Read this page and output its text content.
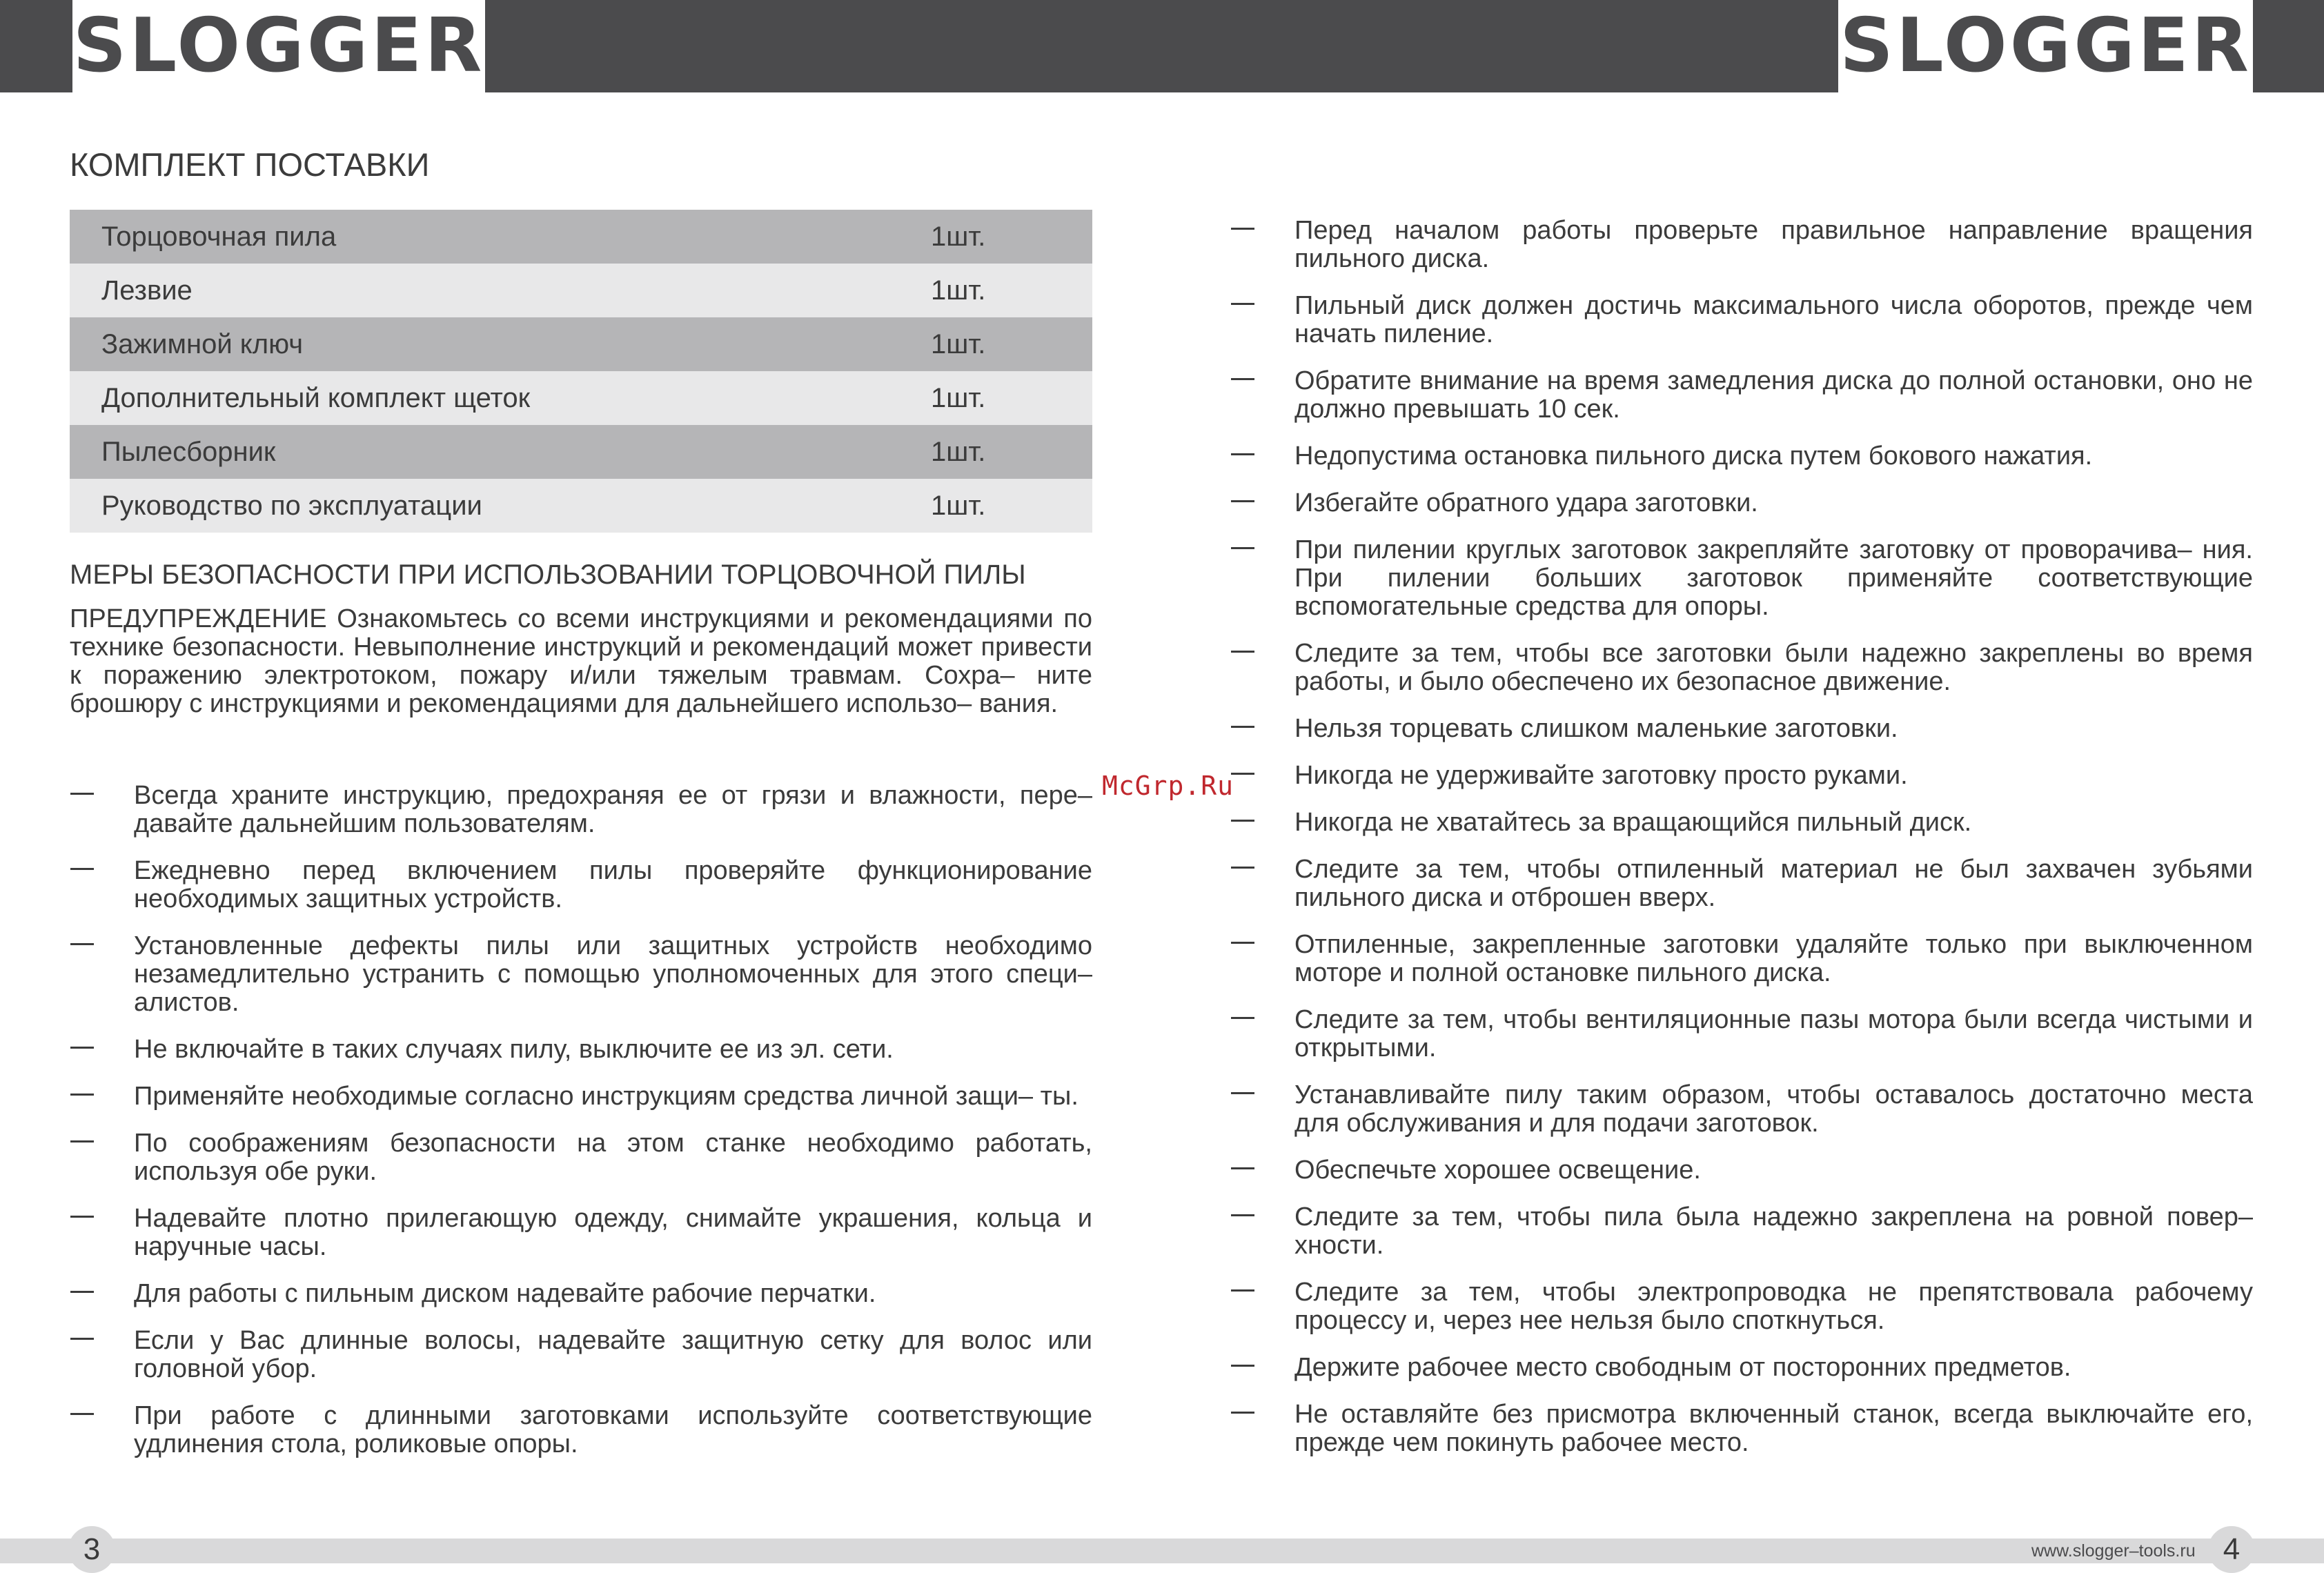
SLOGGER	SLOGGER
КОМПЛЕКТ ПОСТАВКИ
Торцовочная пила	1шт.
Лезвие	1шт.
Зажимной ключ	1шт.
Дополнительный комплект щеток	1шт.
Пылесборник	1шт.
Руководство по эксплуатации	1шт.
МЕРЫ БЕЗОПАСНОСТИ ПРИ ИСПОЛЬЗОВАНИИ ТОРЦОВОЧНОЙ ПИЛЫ

ПРЕДУПРЕЖДЕНИЕ Ознакомьтесь со всеми инструкциями и рекомендациями по технике безопасности. Невыполнение инструкций и рекомендаций может привести к поражению электротоком, пожару и/или тяжелым травмам. Сохра– ните брошюру с инструкциями и рекомендациями для дальнейшего использо– вания.

Всегда храните инструкцию, предохраняя ее от грязи и влажности, пере– давайте дальнейшим пользователям.
Ежедневно перед включением пилы проверяйте функционирование необходимых защитных устройств.
Установленные дефекты пилы или защитных устройств необходимо незамедлительно устранить с помощью уполномоченных для этого специ– алистов.
Не включайте в таких случаях пилу, выключите ее из эл. сети.
Применяйте необходимые согласно инструкциям средства личной защи– ты.
По соображениям безопасности на этом станке необходимо работать, используя обе руки.
Надевайте плотно прилегающую одежду, снимайте украшения, кольца и наручные часы.
Для работы с пильным диском надевайте рабочие перчатки.
Если у Вас длинные волосы, надевайте защитную сетку для волос или головной убор.
При работе с длинными заготовками используйте соответствующие удлинения стола, роликовые опоры.
Перед началом работы проверьте правильное направление вращения пильного диска.
Пильный диск должен достичь максимального числа оборотов, прежде чем начать пиление.
Обратите внимание на время замедления диска до полной остановки, оно не должно превышать 10 сек.
Недопустима остановка пильного диска путем бокового нажатия.
Избегайте обратного удара заготовки.
При пилении круглых заготовок закрепляйте заготовку от проворачива– ния. При пилении больших заготовок применяйте соответствующие вспомогательные средства для опоры.
Следите за тем, чтобы все заготовки были надежно закреплены во время работы, и было обеспечено их безопасное движение.
Нельзя торцевать слишком маленькие заготовки.
Никогда не удерживайте заготовку просто руками.
Никогда не хватайтесь за вращающийся пильный диск.
Следите за тем, чтобы отпиленный материал не был захвачен зубьями пильного диска и отброшен вверх.
Отпиленные, закрепленные заготовки удаляйте только при выключенном моторе и полной остановке пильного диска.
Следите за тем, чтобы вентиляционные пазы мотора были всегда чистыми и открытыми.
Устанавливайте пилу таким образом, чтобы оставалось достаточно места для обслуживания и для подачи заготовок.
Обеспечьте хорошее освещение.
Следите за тем, чтобы пила была надежно закреплена на ровной повер– хности.
Следите за тем, чтобы электропроводка не препятствовала рабочему процессу и, через нее нельзя было споткнуться.
Держите рабочее место свободным от посторонних предметов.
Не оставляйте без присмотра включенный станок, всегда выключайте его, прежде чем покинуть рабочее место.
McGrp.Ru
3	www.slogger–tools.ru 4
